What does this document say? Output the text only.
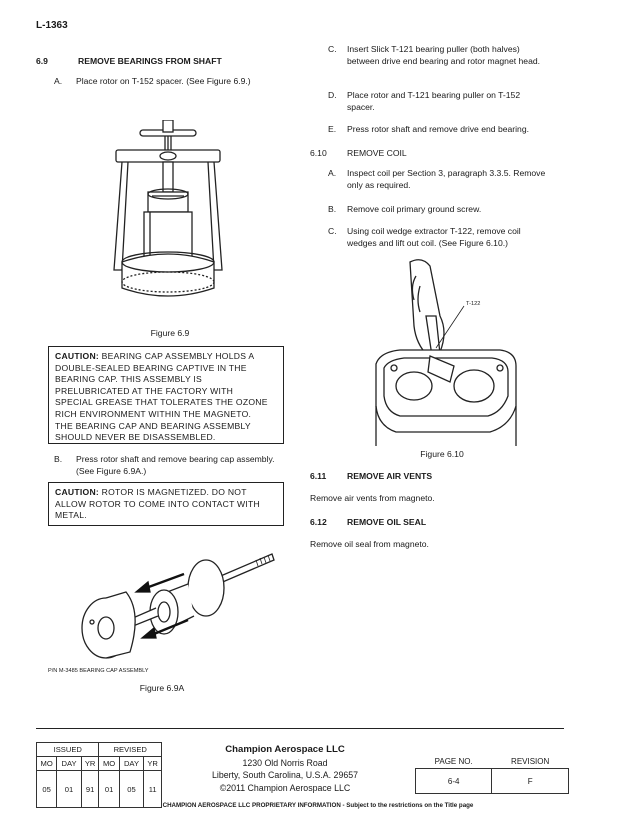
L-1363
6.9	REMOVE BEARINGS FROM SHAFT
A. Place rotor on T-152 spacer. (See Figure 6.9.)
Figure 6.9
CAUTION: BEARING CAP ASSEMBLY HOLDS A
DOUBLE-SEALED BEARING CAPTIVE IN THE
BEARING CAP. THIS ASSEMBLY IS
PRELUBRICATED AT THE FACTORY WITH
SPECIAL GREASE THAT TOLERATES THE OZONE
RICH ENVIRONMENT WITHIN THE MAGNETO.
THE BEARING CAP AND BEARING ASSEMBLY
SHOULD NEVER BE DISASSEMBLED.
B. Press rotor shaft and remove bearing cap assembly.
(See Figure 6.9A.)
CAUTION: ROTOR IS MAGNETIZED. DO NOT
ALLOW ROTOR TO COME INTO CONTACT WITH
METAL.
P/N M-3485 BEARING CAP ASSEMBLY
Figure 6.9A
C. Insert Slick T-121 bearing puller (both halves)
between drive end bearing and rotor magnet head.
D. Place rotor and T-121 bearing puller on T-152
spacer.
E. Press rotor shaft and remove drive end bearing.
6.10 REMOVE COIL
A. Inspect coil per Section 3, paragraph 3.3.5. Remove
only as required.
B. Remove coil primary ground screw.
C. Using coil wedge extractor T-122, remove coil
wedges and lift out coil. (See Figure 6.10.)
T-122
Figure 6.10
6.11 REMOVE AIR VENTS
Remove air vents from magneto.
6.12 REMOVE OIL SEAL
Remove oil seal from magneto.
ISSUED			REVISED		
MO	DAY	YR	MO	DAY	YR
05	01	91	01	05	11
Champion Aerospace LLC
1230 Old Norris Road
Liberty, South Carolina, U.S.A. 29657
©2011 Champion Aerospace LLC
PAGE NO.	REVISION
6-4	F
CHAMPION AEROSPACE LLC PROPRIETARY INFORMATION - Subject to the restrictions on the Title page
